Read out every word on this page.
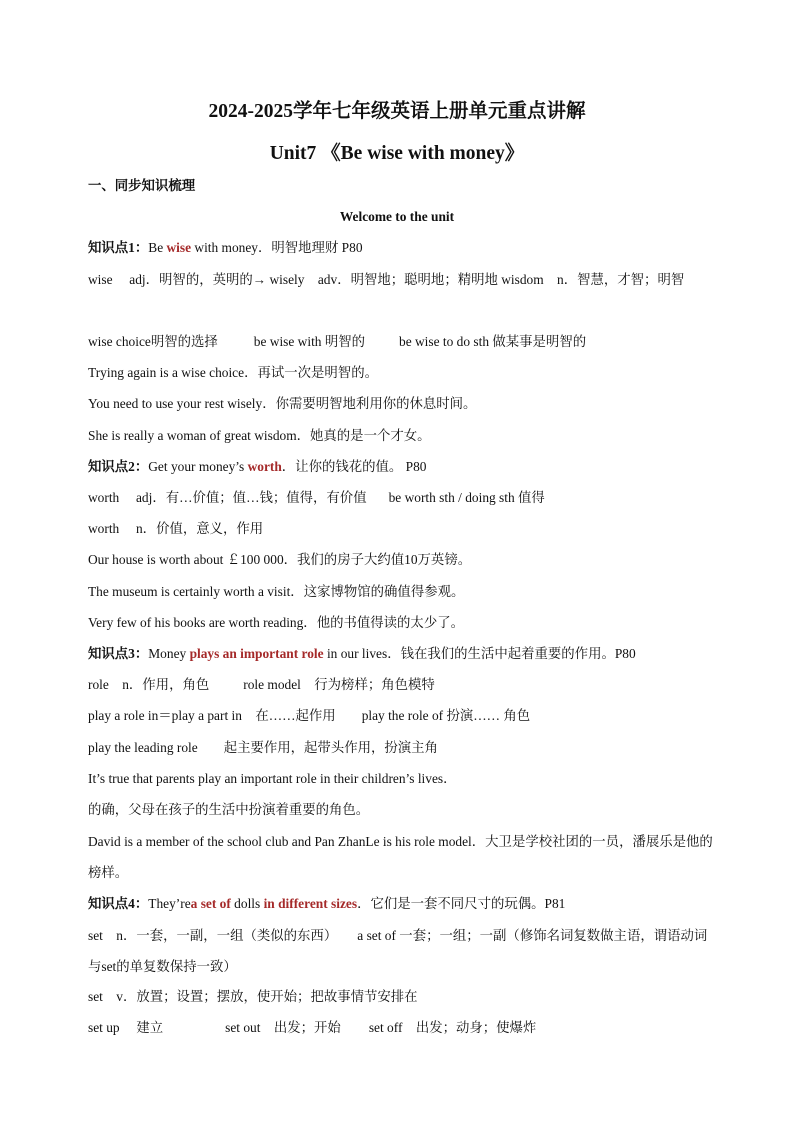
2024-2025学年七年级英语上册单元重点讲解
Unit7 《Be wise with money》
一、同步知识梳理
Welcome to the unit
知识点1：Be wise with money．明智地理财 P80
wise　 adj．明智的，英明的→ wisely　adv．明智地；聪明地；精明地 wisdom　n．智慧，才智；明智
wise choice明智的选择	be wise with 明智的	be wise to do sth 做某事是明智的
Trying again is a wise choice．再试一次是明智的。
You need to use your rest wisely．你需要明智地利用你的休息时间。
She is really a woman of great wisdom．她真的是一个才女。
知识点2：Get your money’s worth．让你的钱花的值。 P80
worth　 adj．有…价值；值…钱；值得，有价值 be worth sth / doing sth 值得
worth　 n．价值，意义，作用
Our house is worth about ￡100 000．我们的房子大约值10万英镑。
The museum is certainly worth a visit．这家博物馆的确值得参观。
Very few of his books are worth reading．他的书值得读的太少了。
知识点3：Money plays an important role in our lives．钱在我们的生活中起着重要的作用。P80
role　n．作用，角色	role model　行为榜样；角色模特
play a role in＝play a part in　在……起作用 play the role of 扮演…… 角色
play the leading role 起主要作用，起带头作用，扮演主角
It’s true that parents play an important role in their children’s lives．
的确，父母在孩子的生活中扮演着重要的角色。
David is a member of the school club and Pan ZhanLe is his role model．大卫是学校社团的一员，潘展乐是他的榜样。
知识点4：They’rea set of dolls in different sizes．它们是一套不同尺寸的玩偶。P81
set　n．一套，一副，一组（类似的东西）　　a set of 一套；一组；一副（修饰名词复数做主语，谓语动词与set的单复数保持一致）
set　v．放置；设置；摆放，使开始；把故事情节安排在
set up　 建立	set out　出发；开始 set off　出发；动身；使爆炸
